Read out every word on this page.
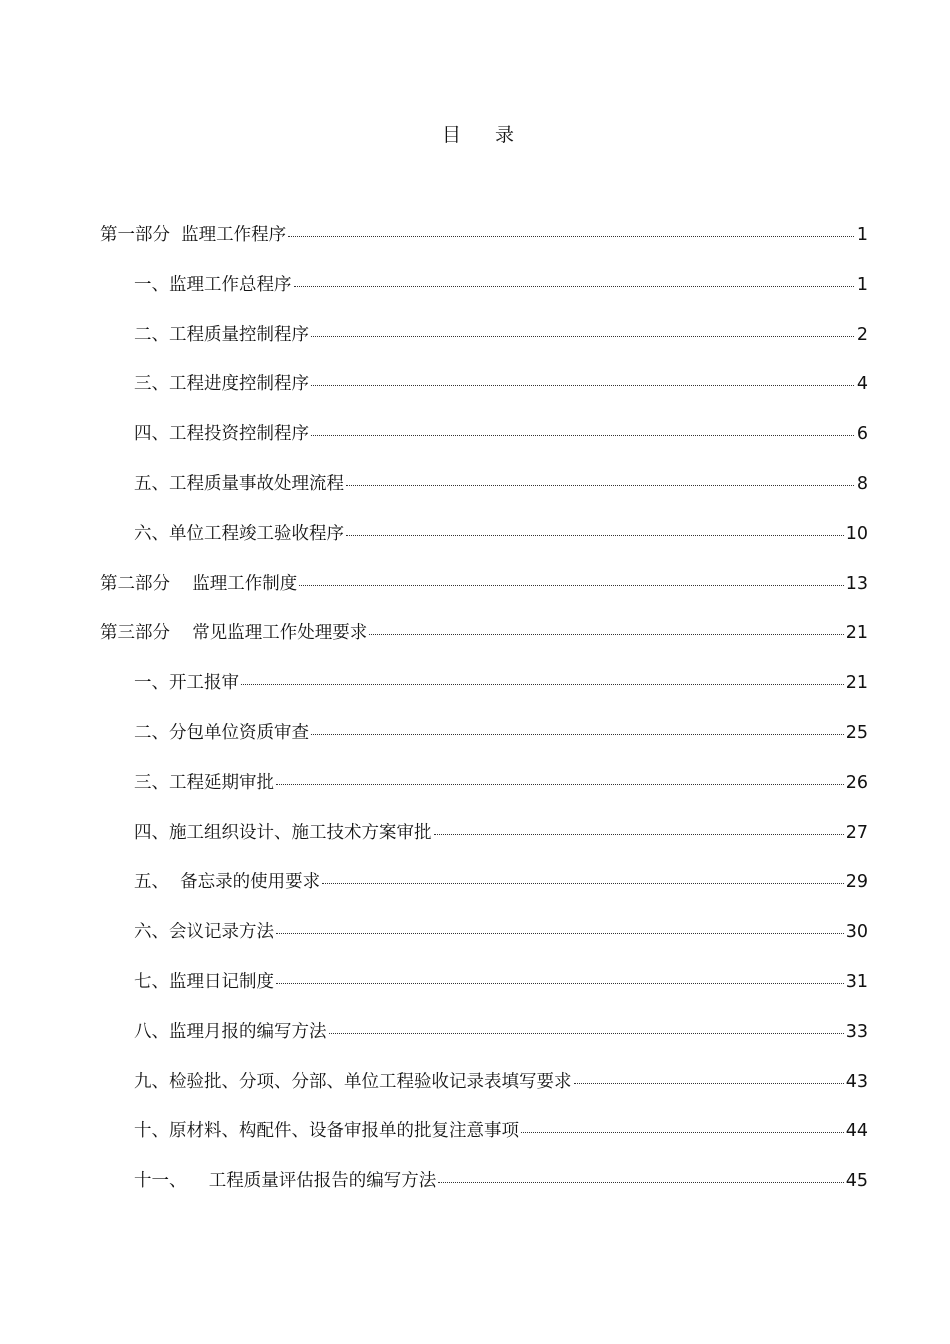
目 录
第一部分  监理工作程序	1
一、监理工作总程序	1
二、工程质量控制程序	2
三、工程进度控制程序	4
四、工程投资控制程序	6
五、工程质量事故处理流程	8
六、单位工程竣工验收程序	10
第二部分    监理工作制度	13
第三部分    常见监理工作处理要求	21
一、开工报审	21
二、分包单位资质审查	25
三、工程延期审批	26
四、施工组织设计、施工技术方案审批	27
五、  备忘录的使用要求	29
六、会议记录方法	30
七、监理日记制度	31
八、监理月报的编写方法	33
九、检验批、分项、分部、单位工程验收记录表填写要求	43
十、原材料、构配件、设备审报单的批复注意事项	44
十一、    工程质量评估报告的编写方法	45
